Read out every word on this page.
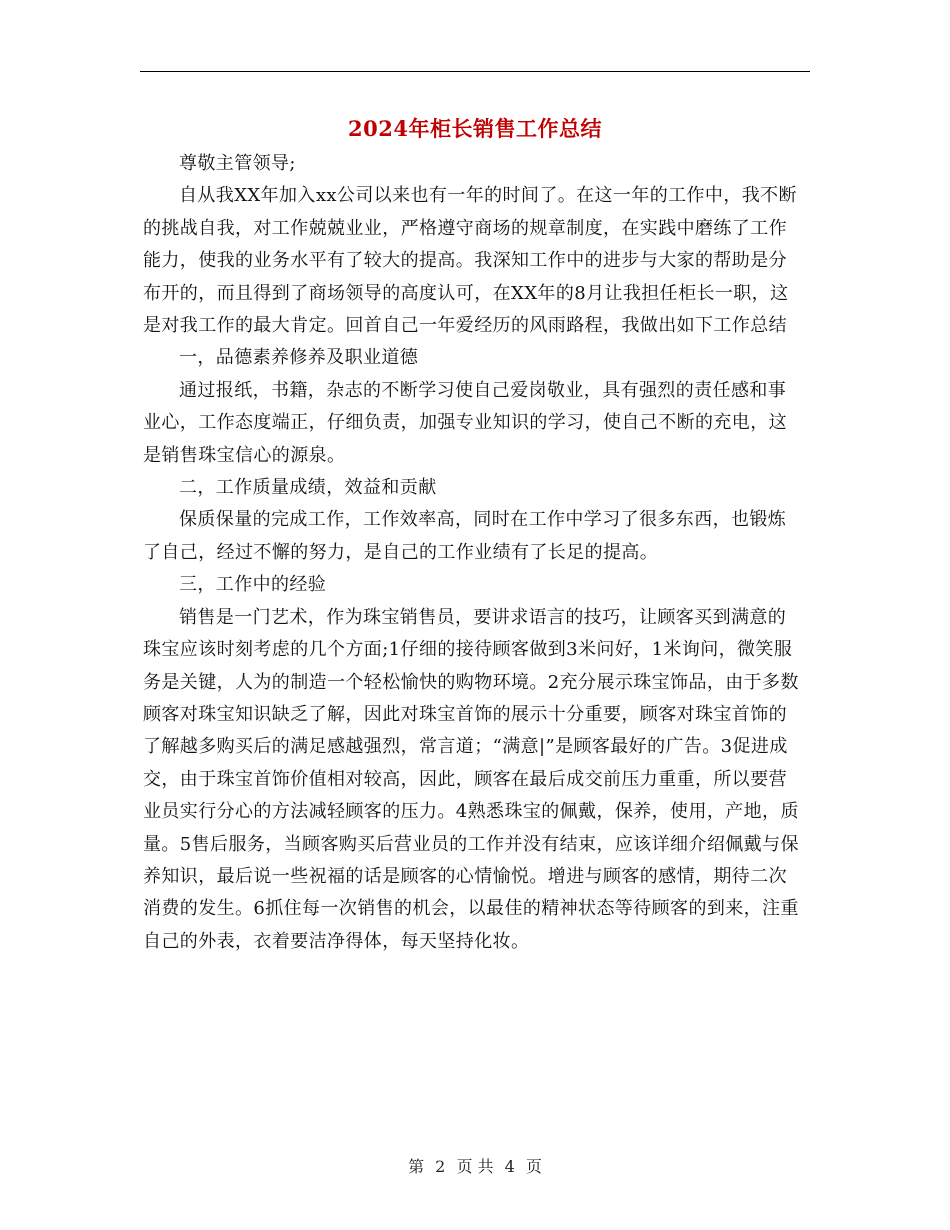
2024年柜长销售工作总结

尊敬主管领导;

自从我XX年加入xx公司以来也有一年的时间了。在这一年的工作中，我不断的挑战自我，对工作兢兢业业，严格遵守商场的规章制度，在实践中磨练了工作能力，使我的业务水平有了较大的提高。我深知工作中的进步与大家的帮助是分布开的，而且得到了商场领导的高度认可，在XX年的8月让我担任柜长一职，这是对我工作的最大肯定。回首自己一年爱经历的风雨路程，我做出如下工作总结

一，品德素养修养及职业道德

通过报纸，书籍，杂志的不断学习使自己爱岗敬业，具有强烈的责任感和事业心，工作态度端正，仔细负责，加强专业知识的学习，使自己不断的充电，这是销售珠宝信心的源泉。

二，工作质量成绩，效益和贡献

保质保量的完成工作，工作效率高，同时在工作中学习了很多东西，也锻炼了自己，经过不懈的努力，是自己的工作业绩有了长足的提高。

三，工作中的经验

销售是一门艺术，作为珠宝销售员，要讲求语言的技巧，让顾客买到满意的珠宝应该时刻考虑的几个方面;1仔细的接待顾客做到3米问好，1米询问，微笑服务是关键，人为的制造一个轻松愉快的购物环境。2充分展示珠宝饰品，由于多数顾客对珠宝知识缺乏了解，因此对珠宝首饰的展示十分重要，顾客对珠宝首饰的了解越多购买后的满足感越强烈，常言道；“满意|”是顾客最好的广告。3促进成交，由于珠宝首饰价值相对较高，因此，顾客在最后成交前压力重重，所以要营业员实行分心的方法减轻顾客的压力。4熟悉珠宝的佩戴，保养，使用，产地，质量。5售后服务，当顾客购买后营业员的工作并没有结束，应该详细介绍佩戴与保养知识，最后说一些祝福的话是顾客的心情愉悦。增进与顾客的感情，期待二次消费的发生。6抓住每一次销售的机会，以最佳的精神状态等待顾客的到来，注重自己的外表，衣着要洁净得体，每天坚持化妆。

第 2 页 共 4 页
